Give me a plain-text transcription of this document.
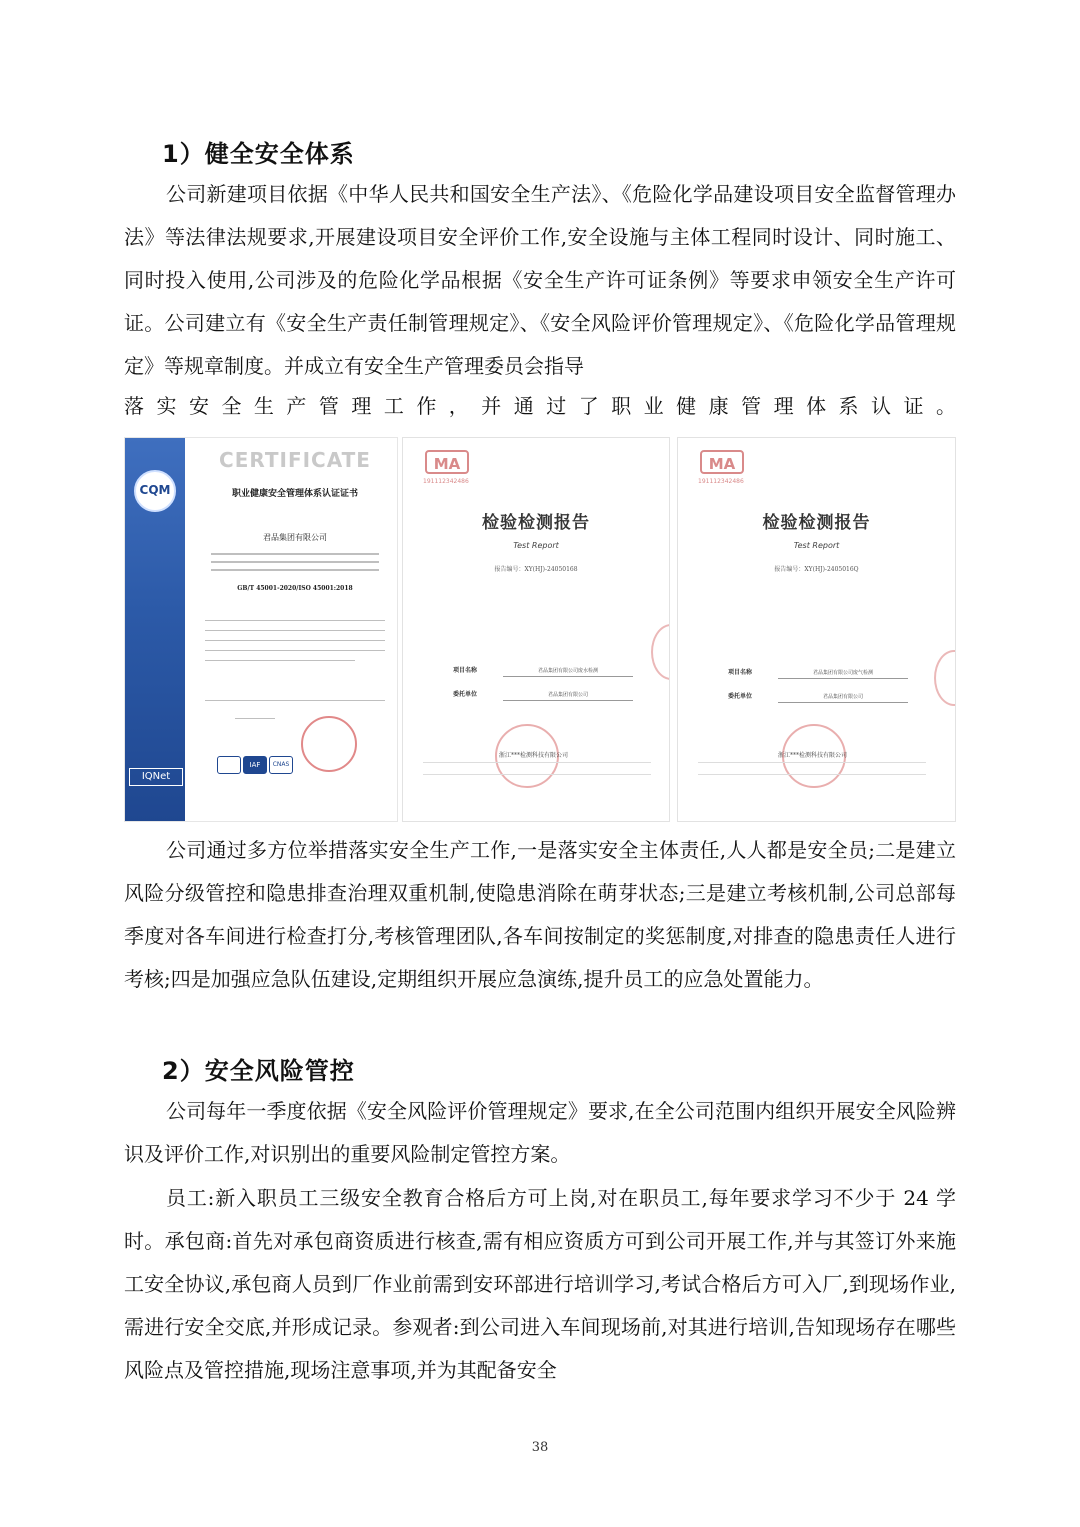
1）健全安全体系

公司新建项目依据《中华人民共和国安全生产法》、《危险化学品建设项目安全监督管理办法》等法律法规要求,开展建设项目安全评价工作,安全设施与主体工程同时设计、同时施工、同时投入使用,公司涉及的危险化学品根据《安全生产许可证条例》等要求申领安全生产许可证。公司建立有《安全生产责任制管理规定》、《安全风险评价管理规定》、《危险化学品管理规定》等规章制度。并成立有安全生产管理委员会指导

落实安全生产管理工作，并通过了职业健康管理体系认证。

CQM
IQNet
CERTIFICATE
职业健康安全管理体系认证证书
君品集团有限公司
GB/T 45001-2020/ISO 45001:2018
IAF	CNAS
MA
191112342486
检验检测报告
Test Report
报告编号：XY(HJ)-24050168
项目名称	君品集团有限公司废水检测
委托单位	君品集团有限公司
浙江***检测科技有限公司
MA
191112342486
检验检测报告
Test Report
报告编号：XY(HJ)-2405016Q
项目名称	君品集团有限公司废气检测
委托单位	君品集团有限公司
浙江***检测科技有限公司

公司通过多方位举措落实安全生产工作,一是落实安全主体责任,人人都是安全员;二是建立风险分级管控和隐患排查治理双重机制,使隐患消除在萌芽状态;三是建立考核机制,公司总部每季度对各车间进行检查打分,考核管理团队,各车间按制定的奖惩制度,对排查的隐患责任人进行考核;四是加强应急队伍建设,定期组织开展应急演练,提升员工的应急处置能力。

2）安全风险管控

公司每年一季度依据《安全风险评价管理规定》要求,在全公司范围内组织开展安全风险辨识及评价工作,对识别出的重要风险制定管控方案。

员工:新入职员工三级安全教育合格后方可上岗,对在职员工,每年要求学习不少于 24 学时。承包商:首先对承包商资质进行核查,需有相应资质方可到公司开展工作,并与其签订外来施工安全协议,承包商人员到厂作业前需到安环部进行培训学习,考试合格后方可入厂,到现场作业,需进行安全交底,并形成记录。参观者:到公司进入车间现场前,对其进行培训,告知现场存在哪些风险点及管控措施,现场注意事项,并为其配备安全

38
